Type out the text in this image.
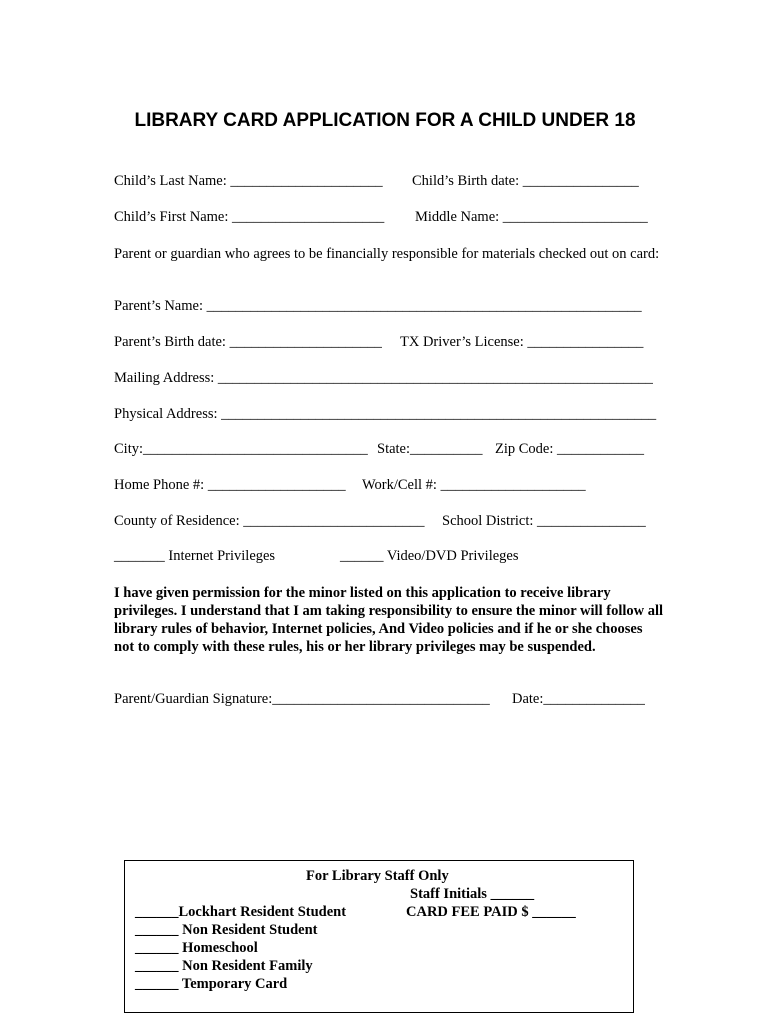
LIBRARY CARD APPLICATION FOR A CHILD UNDER 18
Child’s Last Name: _____________________ Child’s Birth date: ________________
Child’s First Name: _____________________ Middle Name: ____________________
Parent or guardian who agrees to be financially responsible for materials checked out on card:
Parent’s Name: ____________________________________________________________
Parent’s Birth date: _____________________ TX Driver’s License: ________________
Mailing Address: ____________________________________________________________
Physical Address: ____________________________________________________________
City:_______________________________ State:__________ Zip Code: ____________
Home Phone #: ___________________ Work/Cell #: ____________________
County of Residence: _________________________ School District: _______________
_______ Internet Privileges	______ Video/DVD Privileges
I have given permission for the minor listed on this application to receive library privileges. I understand that I am taking responsibility to ensure the minor will follow all library rules of behavior, Internet policies, And Video policies and if he or she chooses not to comply with these rules, his or her library privileges may be suspended.
Parent/Guardian Signature:______________________________ Date:______________
For Library Staff Only
Staff Initials ______
______Lockhart Resident Student	CARD FEE PAID $ ______
______ Non Resident Student
______ Homeschool
______ Non Resident Family
______ Temporary Card
